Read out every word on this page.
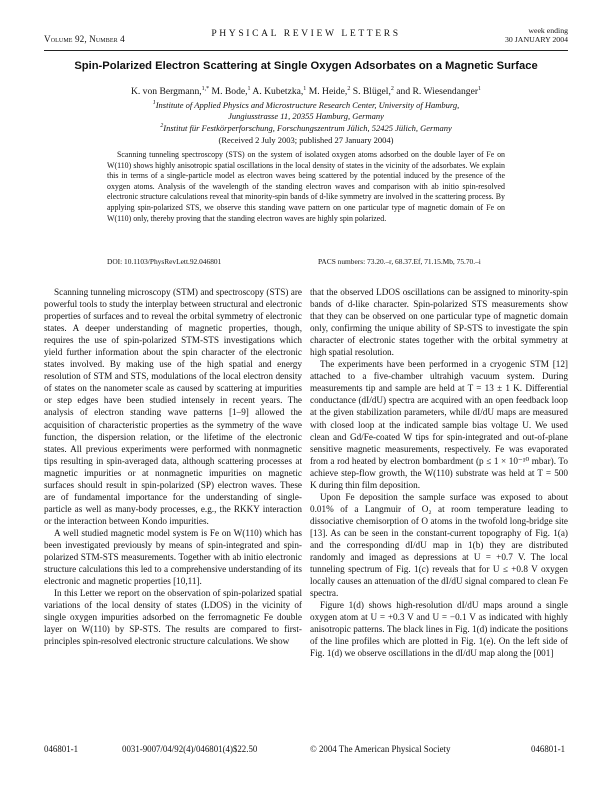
Volume 92, Number 4	PHYSICAL REVIEW LETTERS	week ending
30 JANUARY 2004
Spin-Polarized Electron Scattering at Single Oxygen Adsorbates on a Magnetic Surface
K. von Bergmann,$^{1,*}$ M. Bode,$^1$ A. Kubetzka,$^1$ M. Heide,$^2$ S. Blügel,$^2$ and R. Wiesendanger$^1$
$^1$Institute of Applied Physics and Microstructure Research Center, University of Hamburg,
Jungiusstrasse 11, 20355 Hamburg, Germany
$^2$Institut für Festkörperforschung, Forschungszentrum Jülich, 52425 Jülich, Germany
(Received 2 July 2003; published 27 January 2004)
Scanning tunneling spectroscopy (STS) on the system of isolated oxygen atoms adsorbed on the double layer of Fe on W(110) shows highly anisotropic spatial oscillations in the local density of states in the vicinity of the adsorbates. We explain this in terms of a single-particle model as electron waves being scattered by the potential induced by the presence of the oxygen atoms. Analysis of the wavelength of the standing electron waves and comparison with ab initio spin-resolved electronic structure calculations reveal that minority-spin bands of d-like symmetry are involved in the scattering process. By applying spin-polarized STS, we observe this standing wave pattern on one particular type of magnetic domain of Fe on W(110) only, thereby proving that the standing electron waves are highly spin polarized.
DOI: 10.1103/PhysRevLett.92.046801	PACS numbers: 73.20.–r, 68.37.Ef, 71.15.Mb, 75.70.–i

Scanning tunneling microscopy (STM) and spectroscopy (STS) are powerful tools to study the interplay between structural and electronic properties of surfaces and to reveal the orbital symmetry of electronic states. A deeper understanding of magnetic properties, though, requires the use of spin-polarized STM-STS investigations which yield further information about the spin character of the electronic states involved. By making use of the high spatial and energy resolution of STM and STS, modulations of the local electron density of states on the nanometer scale as caused by scattering at impurities or step edges have been studied intensely in recent years. The analysis of electron standing wave patterns [1–9] allowed the acquisition of characteristic properties as the symmetry of the wave function, the dispersion relation, or the lifetime of the electronic states. All previous experiments were performed with nonmagnetic tips resulting in spin-averaged data, although scattering processes at magnetic impurities or at nonmagnetic impurities on magnetic surfaces should result in spin-polarized (SP) electron waves. These are of fundamental importance for the understanding of single-particle as well as many-body processes, e.g., the RKKY interaction or the interaction between Kondo impurities.

A well studied magnetic model system is Fe on W(110) which has been investigated previously by means of spin-integrated and spin-polarized STM-STS measurements. Together with ab initio electronic structure calculations this led to a comprehensive understanding of its electronic and magnetic properties [10,11].

In this Letter we report on the observation of spin-polarized spatial variations of the local density of states (LDOS) in the vicinity of single oxygen impurities adsorbed on the ferromagnetic Fe double layer on W(110) by SP-STS. The results are compared to first-principles spin-resolved electronic structure calculations. We show

that the observed LDOS oscillations can be assigned to minority-spin bands of d-like character. Spin-polarized STS measurements show that they can be observed on one particular type of magnetic domain only, confirming the unique ability of SP-STS to investigate the spin character of electronic states together with the orbital symmetry at high spatial resolution.

The experiments have been performed in a cryogenic STM [12] attached to a five-chamber ultrahigh vacuum system. During measurements tip and sample are held at T = 13 ± 1 K. Differential conductance (dI/dU) spectra are acquired with an open feedback loop at the given stabilization parameters, while dI/dU maps are measured with closed loop at the indicated sample bias voltage U. We used clean and Gd/Fe-coated W tips for spin-integrated and out-of-plane sensitive magnetic measurements, respectively. Fe was evaporated from a rod heated by electron bombardment (p ≤ 1 × 10⁻¹⁰ mbar). To achieve step-flow growth, the W(110) substrate was held at T = 500 K during thin film deposition.

Upon Fe deposition the sample surface was exposed to about 0.01% of a Langmuir of O₂ at room temperature leading to dissociative chemisorption of O atoms in the twofold long-bridge site [13]. As can be seen in the constant-current topography of Fig. 1(a) and the corresponding dI/dU map in 1(b) they are distributed randomly and imaged as depressions at U = +0.7 V. The local tunneling spectrum of Fig. 1(c) reveals that for U ≤ +0.8 V oxygen locally causes an attenuation of the dI/dU signal compared to clean Fe spectra.

Figure 1(d) shows high-resolution dI/dU maps around a single oxygen atom at U = +0.3 V and U = −0.1 V as indicated with highly anisotropic patterns. The black lines in Fig. 1(d) indicate the positions of the line profiles which are plotted in Fig. 1(e). On the left side of Fig. 1(d) we observe oscillations in the dI/dU map along the [001]

046801-1	0031-9007/04/92(4)/046801(4)$22.50	© 2004 The American Physical Society	046801-1
